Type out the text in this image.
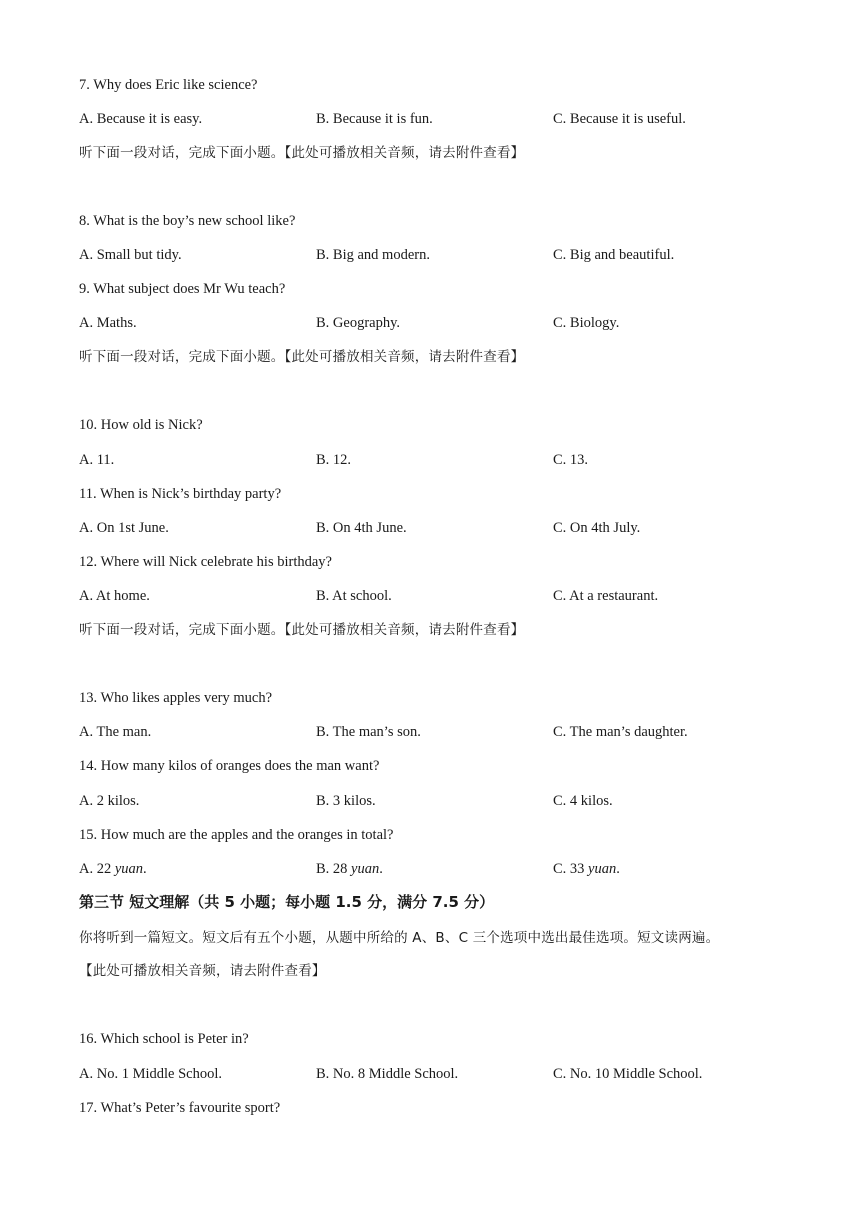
7. Why does Eric like science?
A. Because it is easy.	B. Because it is fun.	C. Because it is useful.
听下面一段对话，完成下面小题。【此处可播放相关音频，请去附件查看】
8. What is the boy’s new school like?
A. Small but tidy.	B. Big and modern.	C. Big and beautiful.
9. What subject does Mr Wu teach?
A. Maths.	B. Geography.	C. Biology.
听下面一段对话，完成下面小题。【此处可播放相关音频，请去附件查看】
10. How old is Nick?
A. 11.	B. 12.	C. 13.
11. When is Nick’s birthday party?
A. On 1st June.	B. On 4th June.	C. On 4th July.
12. Where will Nick celebrate his birthday?
A. At home.	B. At school.	C. At a restaurant.
听下面一段对话，完成下面小题。【此处可播放相关音频，请去附件查看】
13. Who likes apples very much?
A. The man.	B. The man’s son.	C. The man’s daughter.
14. How many kilos of oranges does the man want?
A. 2 kilos.	B. 3 kilos.	C. 4 kilos.
15. How much are the apples and the oranges in total?
A. 22 yuan.	B. 28 yuan.	C. 33 yuan.
第三节 短文理解（共 5 小题；每小题 1.5 分，满分 7.5 分）
你将听到一篇短文。短文后有五个小题，从题中所给的 A、B、C 三个选项中选出最佳选项。短文读两遍。
【此处可播放相关音频，请去附件查看】
16. Which school is Peter in?
A. No. 1 Middle School.	B. No. 8 Middle School.	C. No. 10 Middle School.
17. What’s Peter’s favourite sport?
